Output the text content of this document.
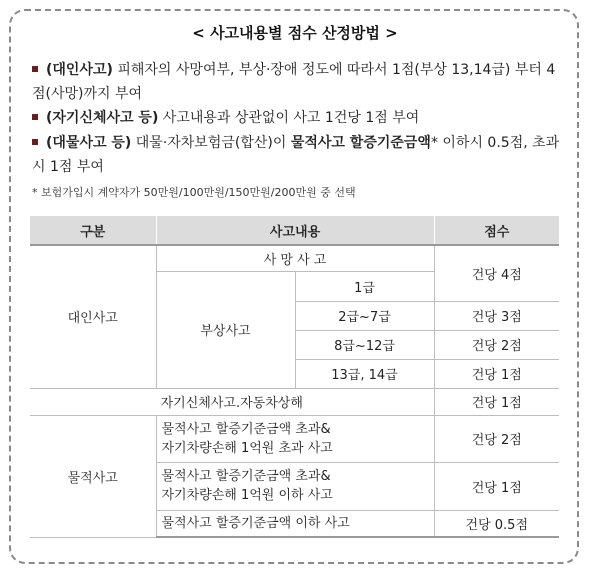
< 사고내용별 점수 산정방법 >
(대인사고) 피해자의 사망여부, 부상·장애 정도에 따라서 1점(부상 13,14급) 부터 4점(사망)까지 부여
(자기신체사고 등) 사고내용과 상관없이 사고 1건당 1점 부여
(대물사고 등) 대물·자차보험금(합산)이 물적사고 할증기준금액* 이하시 0.5점, 초과시 1점 부여
* 보험가입시 계약자가 50만원/100만원/150만원/200만원 중 선택
구분	사고내용		점수
대인사고	사 망 사 고		건당 4점
	부상사고	1급	
		2급~7급	건당 3점
		8급~12급	건당 2점
		13급, 14급	건당 1점

자기신체사고.자동차상해			건당 1점
물적사고	물적사고 할증기준금액 초과&
자기차량손해 1억원 초과 사고		건당 2점
	물적사고 할증기준금액 초과&
자기차량손해 1억원 이하 사고		건당 1점
	물적사고 할증기준금액 이하 사고		건당 0.5점
